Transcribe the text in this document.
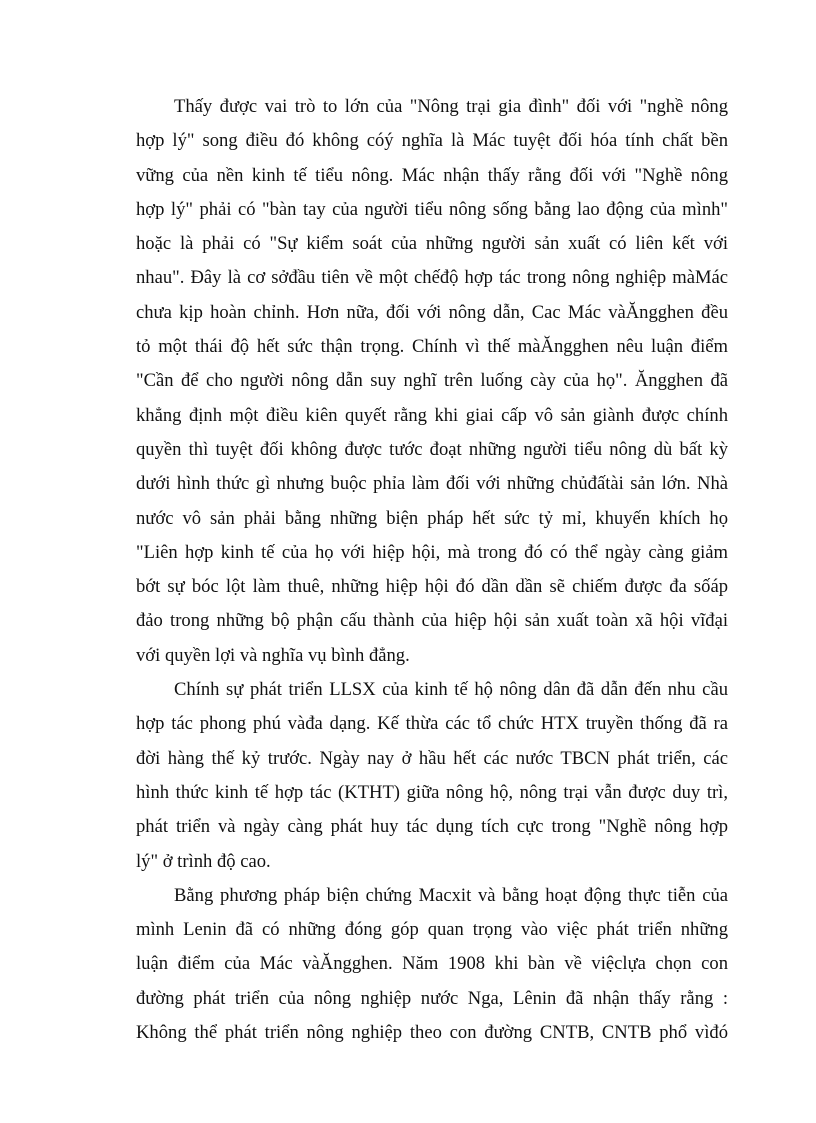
Thấy được vai trò to lớn của "Nông trại gia đình" đối với "nghề nông
hợp lý" song điều đó không cóý nghĩa là Mác tuyệt đối hóa tính chất bền
vững của nền kinh tế tiểu nông. Mác nhận thấy rằng đối với "Nghề nông
hợp lý" phải có "bàn tay của người tiểu nông sống bằng lao động của mình"
hoặc là phải có "Sự kiểm soát của những người sản xuất có liên kết với
nhau". Đây là cơ sởđầu tiên về một chếđộ hợp tác trong nông nghiệp màMác
chưa kịp hoàn chỉnh. Hơn nữa, đối với nông dẫn, Cac Mác vàĂngghen đều
tỏ một thái độ hết sức thận trọng. Chính vì thế màĂngghen nêu luận điểm
"Cần để cho người nông dẫn suy nghĩ trên luống cày của họ". Ăngghen đã
khẳng định một điều kiên quyết rằng khi giai cấp vô sản giành được chính
quyền thì tuyệt đối không được tước đoạt những người tiểu nông dù bất kỳ
dưới hình thức gì nhưng buộc phỉa làm đối với những chủđấtài sản lớn. Nhà
nước vô sản phải bằng những biện pháp hết sức tỷ mỉ, khuyến khích họ
"Liên hợp kinh tế của họ với hiệp hội, mà trong đó có thể ngày càng giảm
bớt sự bóc lột làm thuê, những hiệp hội đó dần dần sẽ chiếm được đa sốáp
đảo trong những bộ phận cấu thành của hiệp hội sản xuất toàn xã hội vĩđại
với quyền lợi và nghĩa vụ bình đẳng.
Chính sự phát triển LLSX của kinh tế hộ nông dân đã dẫn đến nhu cầu
hợp tác phong phú vàđa dạng. Kế thừa các tổ chức HTX truyền thống đã ra
đời hàng thế kỷ trước. Ngày nay ở hầu hết các nước TBCN phát triển, các
hình thức kinh tế hợp tác (KTHT) giữa nông hộ, nông trại vẫn được duy trì,
phát triển và ngày càng phát huy tác dụng tích cực trong "Nghề nông hợp
lý" ở trình độ cao.
Bằng phương pháp biện chứng Macxit và bằng hoạt động thực tiễn của
mình Lenin đã có những đóng góp quan trọng vào việc phát triển những
luận điểm của Mác vàĂngghen. Năm 1908 khi bàn về việclựa chọn con
đường phát triển của nông nghiệp nước Nga, Lênin đã nhận thấy rằng :
Không thể phát triển nông nghiệp theo con đường CNTB, CNTB phổ vìđó
